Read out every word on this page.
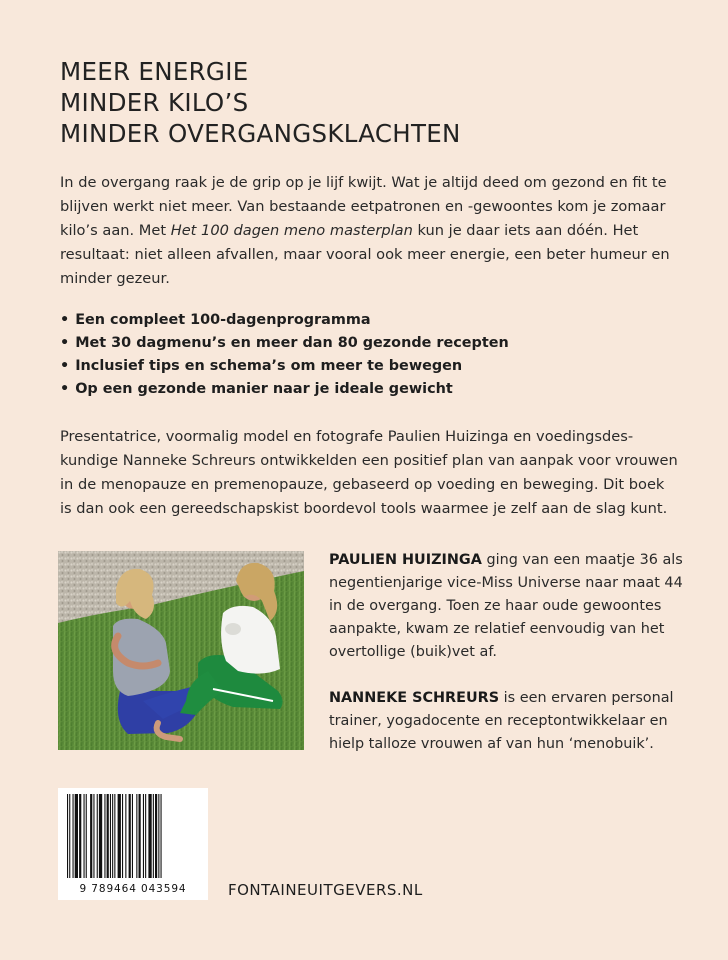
MEER ENERGIE
MINDER KILO’S
MINDER OVERGANGSKLACHTEN
In de overgang raak je de grip op je lijf kwijt. Wat je altijd deed om gezond en fit te blijven werkt niet meer. Van bestaande eetpatronen en -gewoontes kom je zomaar kilo’s aan. Met Het 100 dagen meno masterplan kun je daar iets aan dóén. Het resultaat: niet alleen afvallen, maar vooral ook meer energie, een beter humeur en minder gezeur.
• Een compleet 100-dagenprogramma
• Met 30 dagmenu’s en meer dan 80 gezonde recepten
• Inclusief tips en schema’s om meer te bewegen
• Op een gezonde manier naar je ideale gewicht
Presentatrice, voormalig model en fotografe Paulien Huizinga en voedingsdes-kundige Nanneke Schreurs ontwikkelden een positief plan van aanpak voor vrouwen in de menopauze en premenopauze, gebaseerd op voeding en beweging. Dit boek is dan ook een gereedschapskist boordevol tools waarmee je zelf aan de slag kunt.

PAULIEN HUIZINGA ging van een maatje 36 als negentienjarige vice-Miss Universe naar maat 44 in de overgang. Toen ze haar oude gewoontes aanpakte, kwam ze relatief eenvoudig van het overtollige (buik)vet af.

NANNEKE SCHREURS is een ervaren personal trainer, yogadocente en receptontwikkelaar en hielp talloze vrouwen af van hun ‘menobuik’.

9 789464 043594	FONTAINEUITGEVERS.NL
